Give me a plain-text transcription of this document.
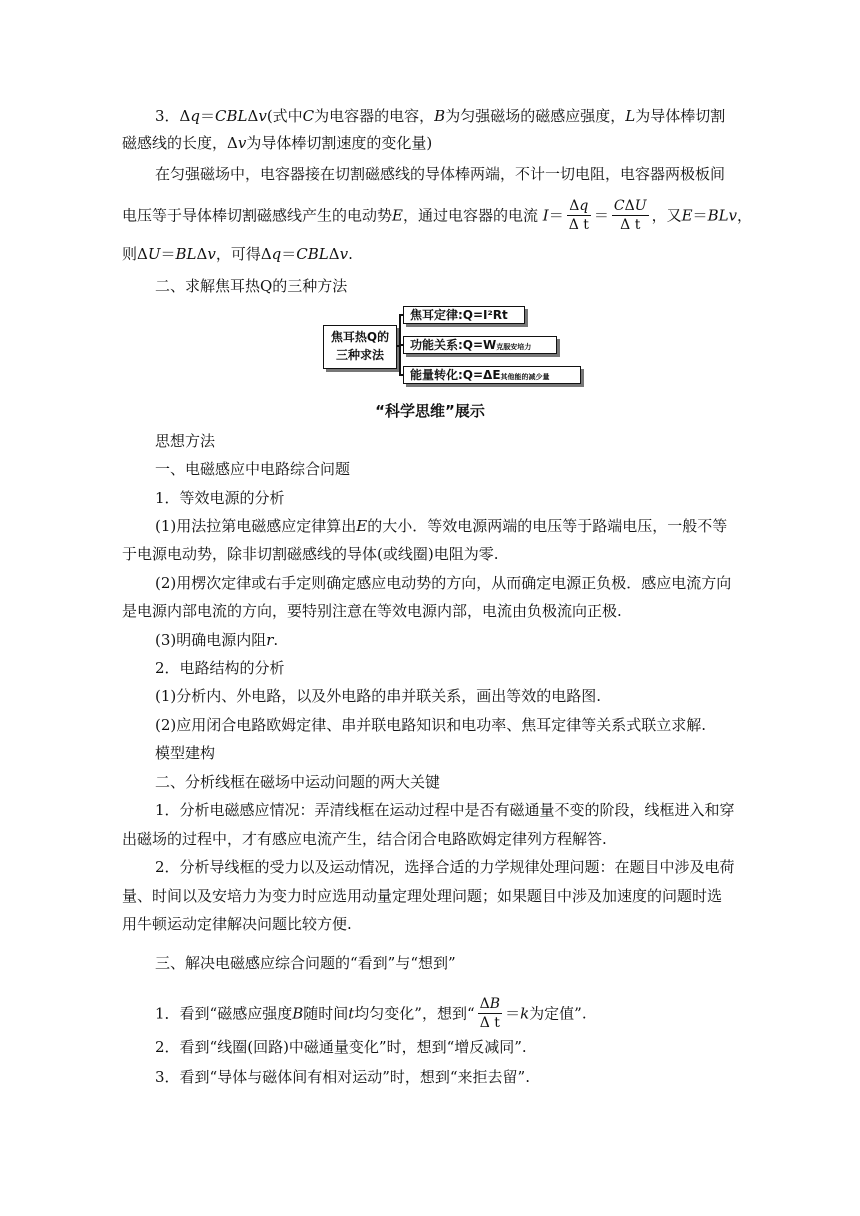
3．Δq＝CBLΔv(式中C为电容器的电容，B为匀强磁场的磁感应强度，L为导体棒切割
磁感线的长度，Δv为导体棒切割速度的变化量)
在匀强磁场中，电容器接在切割磁感线的导体棒两端，不计一切电阻，电容器两极板间
电压等于导体棒切割磁感线产生的电动势E，通过电容器的电流 $I= \frac{\Delta q}{\text{Δ t}} = \frac{\text{CΔU}}{\text{Δ t}}$ ，又E＝BLv，
则ΔU＝BLΔv，可得Δq＝CBLΔv.
二、求解焦耳热Q的三种方法
焦耳热Q的
三种求法
焦耳定律:Q=I²Rt
功能关系:Q=W克服安培力
能量转化:Q=ΔE其他能的减少量
“科学思维”展示
思想方法
一、电磁感应中电路综合问题
1．等效电源的分析
(1)用法拉第电磁感应定律算出E的大小．等效电源两端的电压等于路端电压，一般不等
于电源电动势，除非切割磁感线的导体(或线圈)电阻为零.
(2)用楞次定律或右手定则确定感应电动势的方向，从而确定电源正负极．感应电流方向
是电源内部电流的方向，要特别注意在等效电源内部，电流由负极流向正极.
(3)明确电源内阻r.
2．电路结构的分析
(1)分析内、外电路，以及外电路的串并联关系，画出等效的电路图.
(2)应用闭合电路欧姆定律、串并联电路知识和电功率、焦耳定律等关系式联立求解.
模型建构
二、分析线框在磁场中运动问题的两大关键
1．分析电磁感应情况：弄清线框在运动过程中是否有磁通量不变的阶段，线框进入和穿
出磁场的过程中，才有感应电流产生，结合闭合电路欧姆定律列方程解答.
2．分析导线框的受力以及运动情况，选择合适的力学规律处理问题：在题目中涉及电荷
量、时间以及安培力为变力时应选用动量定理处理问题；如果题目中涉及加速度的问题时选
用牛顿运动定律解决问题比较方便.
三、解决电磁感应综合问题的“看到”与“想到”
1．看到“磁感应强度B随时间t均匀变化”，想到“ $\frac{\Delta B}{\text{Δ t}} =k$为定值”.
2．看到“线圈(回路)中磁通量变化”时，想到“增反减同”.
3．看到“导体与磁体间有相对运动”时，想到“来拒去留”.
